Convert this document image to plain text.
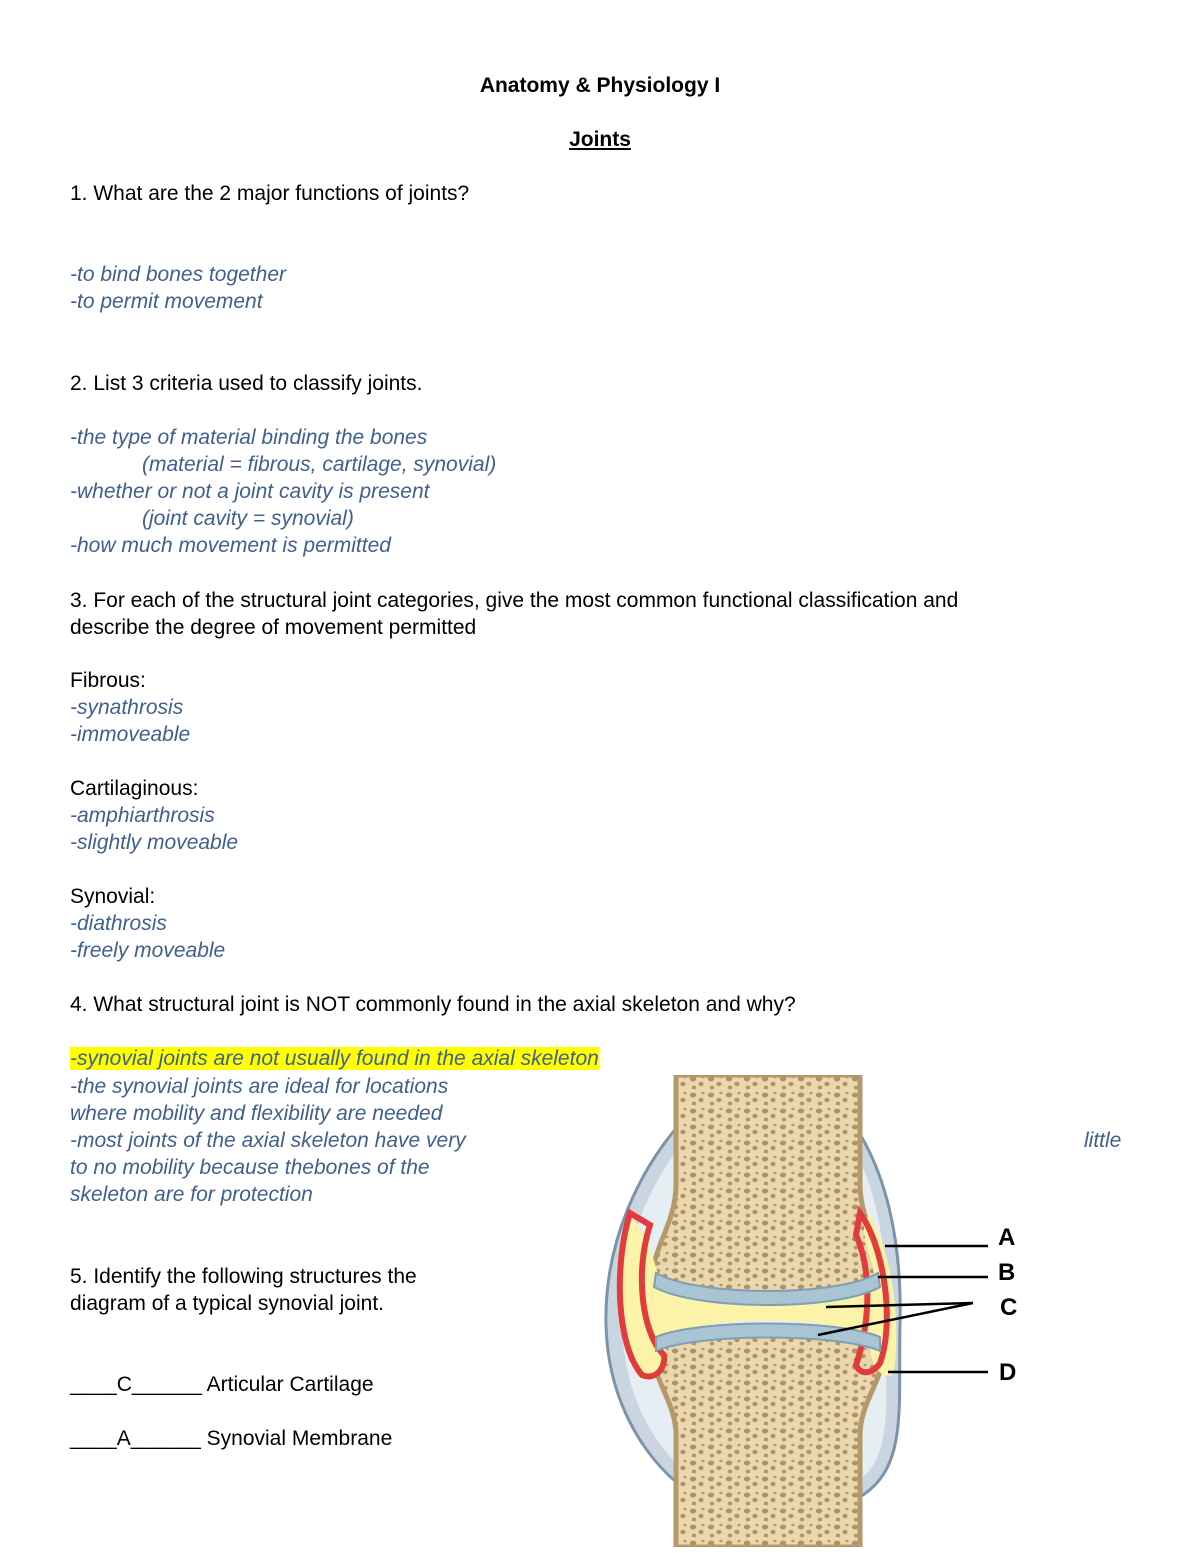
Anatomy & Physiology I
Joints
1. What are the 2 major functions of joints?
-to bind bones together
-to permit movement
2. List 3 criteria used to classify joints.
-the type of material binding the bones
(material = fibrous, cartilage, synovial)
-whether or not a joint cavity is present
(joint cavity = synovial)
-how much movement is permitted
3. For each of the structural joint categories, give the most common functional classification and
describe the degree of movement permitted
Fibrous:
-synathrosis
-immoveable
Cartilaginous:
-amphiarthrosis
-slightly moveable
Synovial:
-diathrosis
-freely moveable
4. What structural joint is NOT commonly found in the axial skeleton and why?
-synovial joints are not usually found in the axial skeleton
-the synovial joints are ideal for locations
where mobility and flexibility are needed
-most joints of the axial skeleton have very	little
to no mobility because thebones of the
skeleton are for protection
5. Identify the following structures the
diagram of a typical synovial joint.
____C______ Articular Cartilage
____A______ Synovial Membrane
A
B
C
D
